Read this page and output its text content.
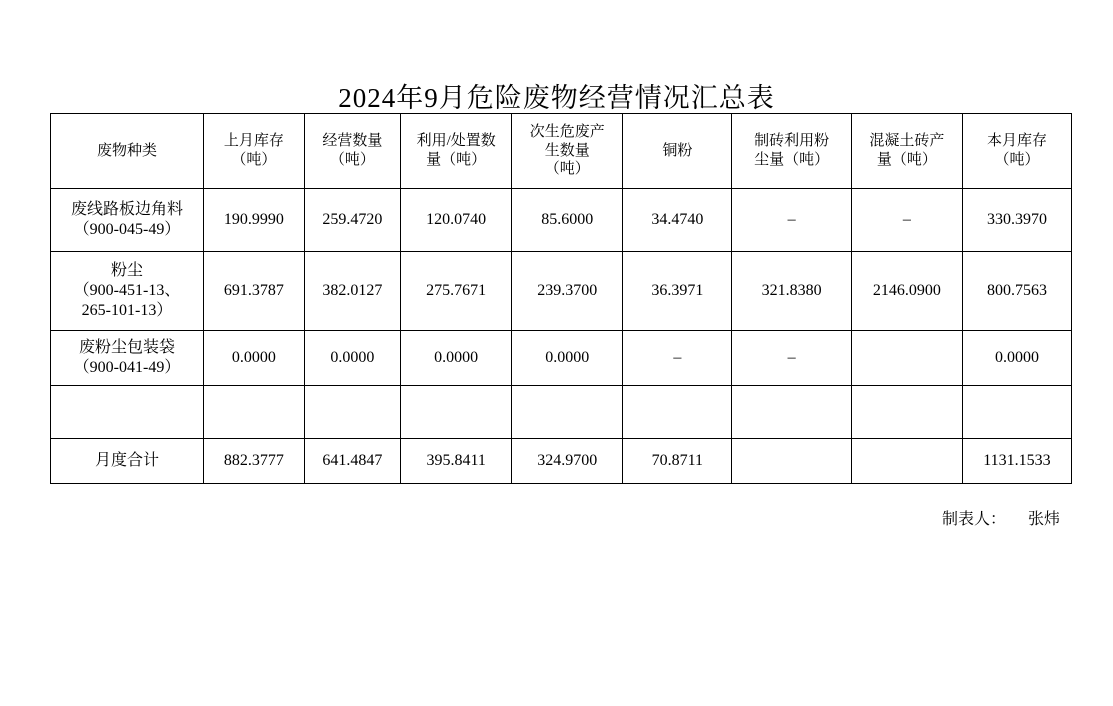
2024年9月危险废物经营情况汇总表
废物种类

上月库存
（吨）

经营数量
（吨）

利用/处置数
量（吨）

次生危废产
生数量
（吨）

铜粉

制砖利用粉
尘量（吨）

混凝土砖产
量（吨）

本月库存
（吨）

废线路板边角料
（900-045-49）	190.9990	259.4720	120.0740	85.6000	34.4740	–	–	330.3970

粉尘
（900-451-13、
265-101-13）	691.3787	382.0127	275.7671	239.3700	36.3971	321.8380	2146.0900	800.7563

废粉尘包装袋
（900-041-49）	0.0000	0.0000	0.0000	0.0000	–	–		0.0000

月度合计	882.3777	641.4847	395.8411	324.9700	70.8711			1131.1533
制表人： 张炜
